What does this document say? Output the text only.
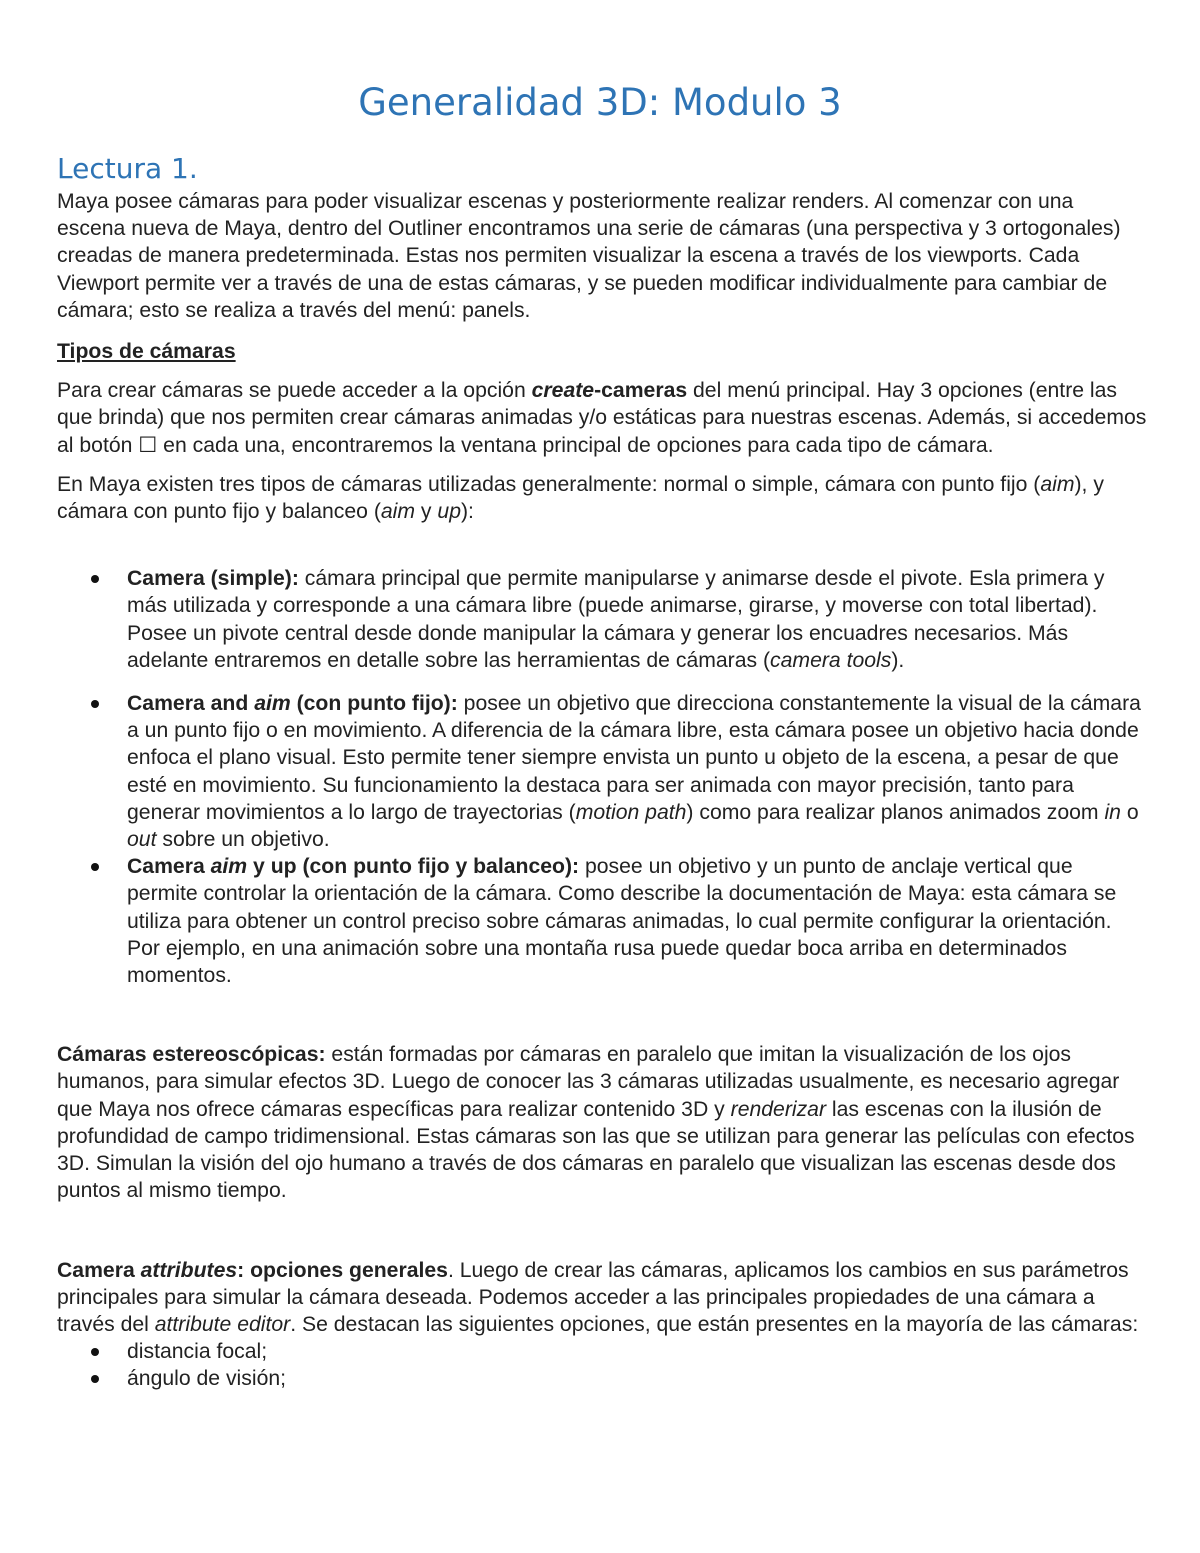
Generalidad 3D: Modulo 3
Lectura 1.

Maya posee cámaras para poder visualizar escenas y posteriormente realizar renders. Al comenzar con una escena nueva de Maya, dentro del Outliner encontramos una serie de cámaras (una perspectiva y 3 ortogonales) creadas de manera predeterminada. Estas nos permiten visualizar la escena a través de los viewports. Cada Viewport permite ver a través de una de estas cámaras, y se pueden modificar individualmente para cambiar de cámara; esto se realiza a través del menú: panels.

Tipos de cámaras

Para crear cámaras se puede acceder a la opción create-cameras del menú principal. Hay 3 opciones (entre las que brinda) que nos permiten crear cámaras animadas y/o estáticas para nuestras escenas. Además, si accedemos al botón ☐ en cada una, encontraremos la ventana principal de opciones para cada tipo de cámara.

En Maya existen tres tipos de cámaras utilizadas generalmente: normal o simple, cámara con punto fijo (aim), y cámara con punto fijo y balanceo (aim y up):

Camera (simple): cámara principal que permite manipularse y animarse desde el pivote. Esla primera y más utilizada y corresponde a una cámara libre (puede animarse, girarse, y moverse con total libertad). Posee un pivote central desde donde manipular la cámara y generar los encuadres necesarios. Más adelante entraremos en detalle sobre las herramientas de cámaras (camera tools).
Camera and aim (con punto fijo): posee un objetivo que direcciona constantemente la visual de la cámara a un punto fijo o en movimiento. A diferencia de la cámara libre, esta cámara posee un objetivo hacia donde enfoca el plano visual. Esto permite tener siempre envista un punto u objeto de la escena, a pesar de que esté en movimiento. Su funcionamiento la destaca para ser animada con mayor precisión, tanto para generar movimientos a lo largo de trayectorias (motion path) como para realizar planos animados zoom in o out sobre un objetivo.
Camera aim y up (con punto fijo y balanceo): posee un objetivo y un punto de anclaje vertical que permite controlar la orientación de la cámara. Como describe la documentación de Maya: esta cámara se utiliza para obtener un control preciso sobre cámaras animadas, lo cual permite configurar la orientación. Por ejemplo, en una animación sobre una montaña rusa puede quedar boca arriba en determinados momentos.

Cámaras estereoscópicas: están formadas por cámaras en paralelo que imitan la visualización de los ojos humanos, para simular efectos 3D. Luego de conocer las 3 cámaras utilizadas usualmente, es necesario agregar que Maya nos ofrece cámaras específicas para realizar contenido 3D y renderizar las escenas con la ilusión de profundidad de campo tridimensional. Estas cámaras son las que se utilizan para generar las películas con efectos 3D. Simulan la visión del ojo humano a través de dos cámaras en paralelo que visualizan las escenas desde dos puntos al mismo tiempo.

Camera attributes: opciones generales. Luego de crear las cámaras, aplicamos los cambios en sus parámetros principales para simular la cámara deseada. Podemos acceder a las principales propiedades de una cámara a través del attribute editor. Se destacan las siguientes opciones, que están presentes en la mayoría de las cámaras:

distancia focal;
ángulo de visión;
